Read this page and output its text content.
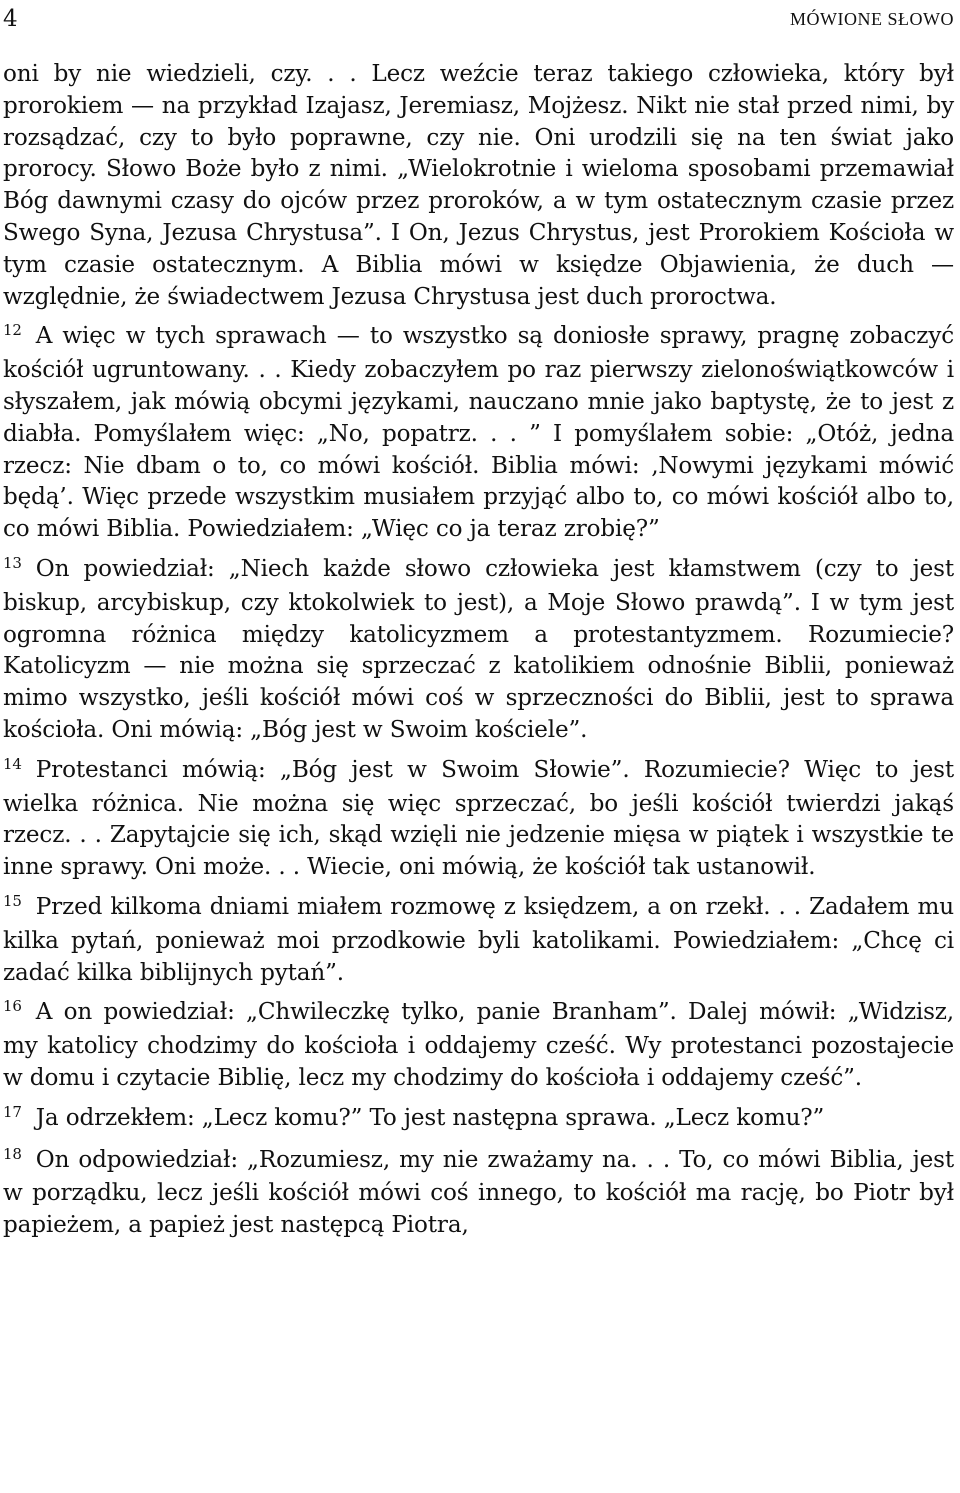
4	MÓWIONE SŁOWO

oni by nie wiedzieli, czy. . . Lecz weźcie teraz takiego człowieka, który był prorokiem — na przykład Izajasz, Jeremiasz, Mojżesz. Nikt nie stał przed nimi, by rozsądzać, czy to było poprawne, czy nie. Oni urodzili się na ten świat jako prorocy. Słowo Boże było z nimi. „Wielokrotnie i wieloma sposobami przemawiał Bóg dawnymi czasy do ojców przez proroków, a w tym ostatecznym czasie przez Swego Syna, Jezusa Chrystusa”. I On, Jezus Chrystus, jest Prorokiem Kościoła w tym czasie ostatecznym. A Biblia mówi w księdze Objawienia, że duch — względnie, że świadectwem Jezusa Chrystusa jest duch proroctwa.

$^{12}$ A więc w tych sprawach — to wszystko są doniosłe sprawy, pragnę zobaczyć kościół ugruntowany. . . Kiedy zobaczyłem po raz pierwszy zielonoświątkowców i słyszałem, jak mówią obcymi językami, nauczano mnie jako baptystę, że to jest z diabła. Pomyślałem więc: „No, popatrz. . . ” I pomyślałem sobie: „Otóż, jedna rzecz: Nie dbam o to, co mówi kościół. Biblia mówi: ‚Nowymi językami mówić będą’. Więc przede wszystkim musiałem przyjąć albo to, co mówi kościół albo to, co mówi Biblia. Powiedziałem: „Więc co ja teraz zrobię?”

$^{13}$ On powiedział: „Niech każde słowo człowieka jest kłamstwem (czy to jest biskup, arcybiskup, czy ktokolwiek to jest), a Moje Słowo prawdą”. I w tym jest ogromna różnica między katolicyzmem a protestantyzmem. Rozumiecie? Katolicyzm — nie można się sprzeczać z katolikiem odnośnie Biblii, ponieważ mimo wszystko, jeśli kościół mówi coś w sprzeczności do Biblii, jest to sprawa kościoła. Oni mówią: „Bóg jest w Swoim kościele”.

$^{14}$ Protestanci mówią: „Bóg jest w Swoim Słowie”. Rozumiecie? Więc to jest wielka różnica. Nie można się więc sprzeczać, bo jeśli kościół twierdzi jakąś rzecz. . . Zapytajcie się ich, skąd wzięli nie jedzenie mięsa w piątek i wszystkie te inne sprawy. Oni może. . . Wiecie, oni mówią, że kościół tak ustanowił.

$^{15}$ Przed kilkoma dniami miałem rozmowę z księdzem, a on rzekł. . . Zadałem mu kilka pytań, ponieważ moi przodkowie byli katolikami. Powiedziałem: „Chcę ci zadać kilka biblijnych pytań”.

$^{16}$ A on powiedział: „Chwileczkę tylko, panie Branham”. Dalej mówił: „Widzisz, my katolicy chodzimy do kościoła i oddajemy cześć. Wy protestanci pozostajecie w domu i czytacie Biblię, lecz my chodzimy do kościoła i oddajemy cześć”.

$^{17}$ Ja odrzekłem: „Lecz komu?” To jest następna sprawa. „Lecz komu?”

$^{18}$ On odpowiedział: „Rozumiesz, my nie zważamy na. . . To, co mówi Biblia, jest w porządku, lecz jeśli kościół mówi coś innego, to kościół ma rację, bo Piotr był papieżem, a papież jest następcą Piotra,
